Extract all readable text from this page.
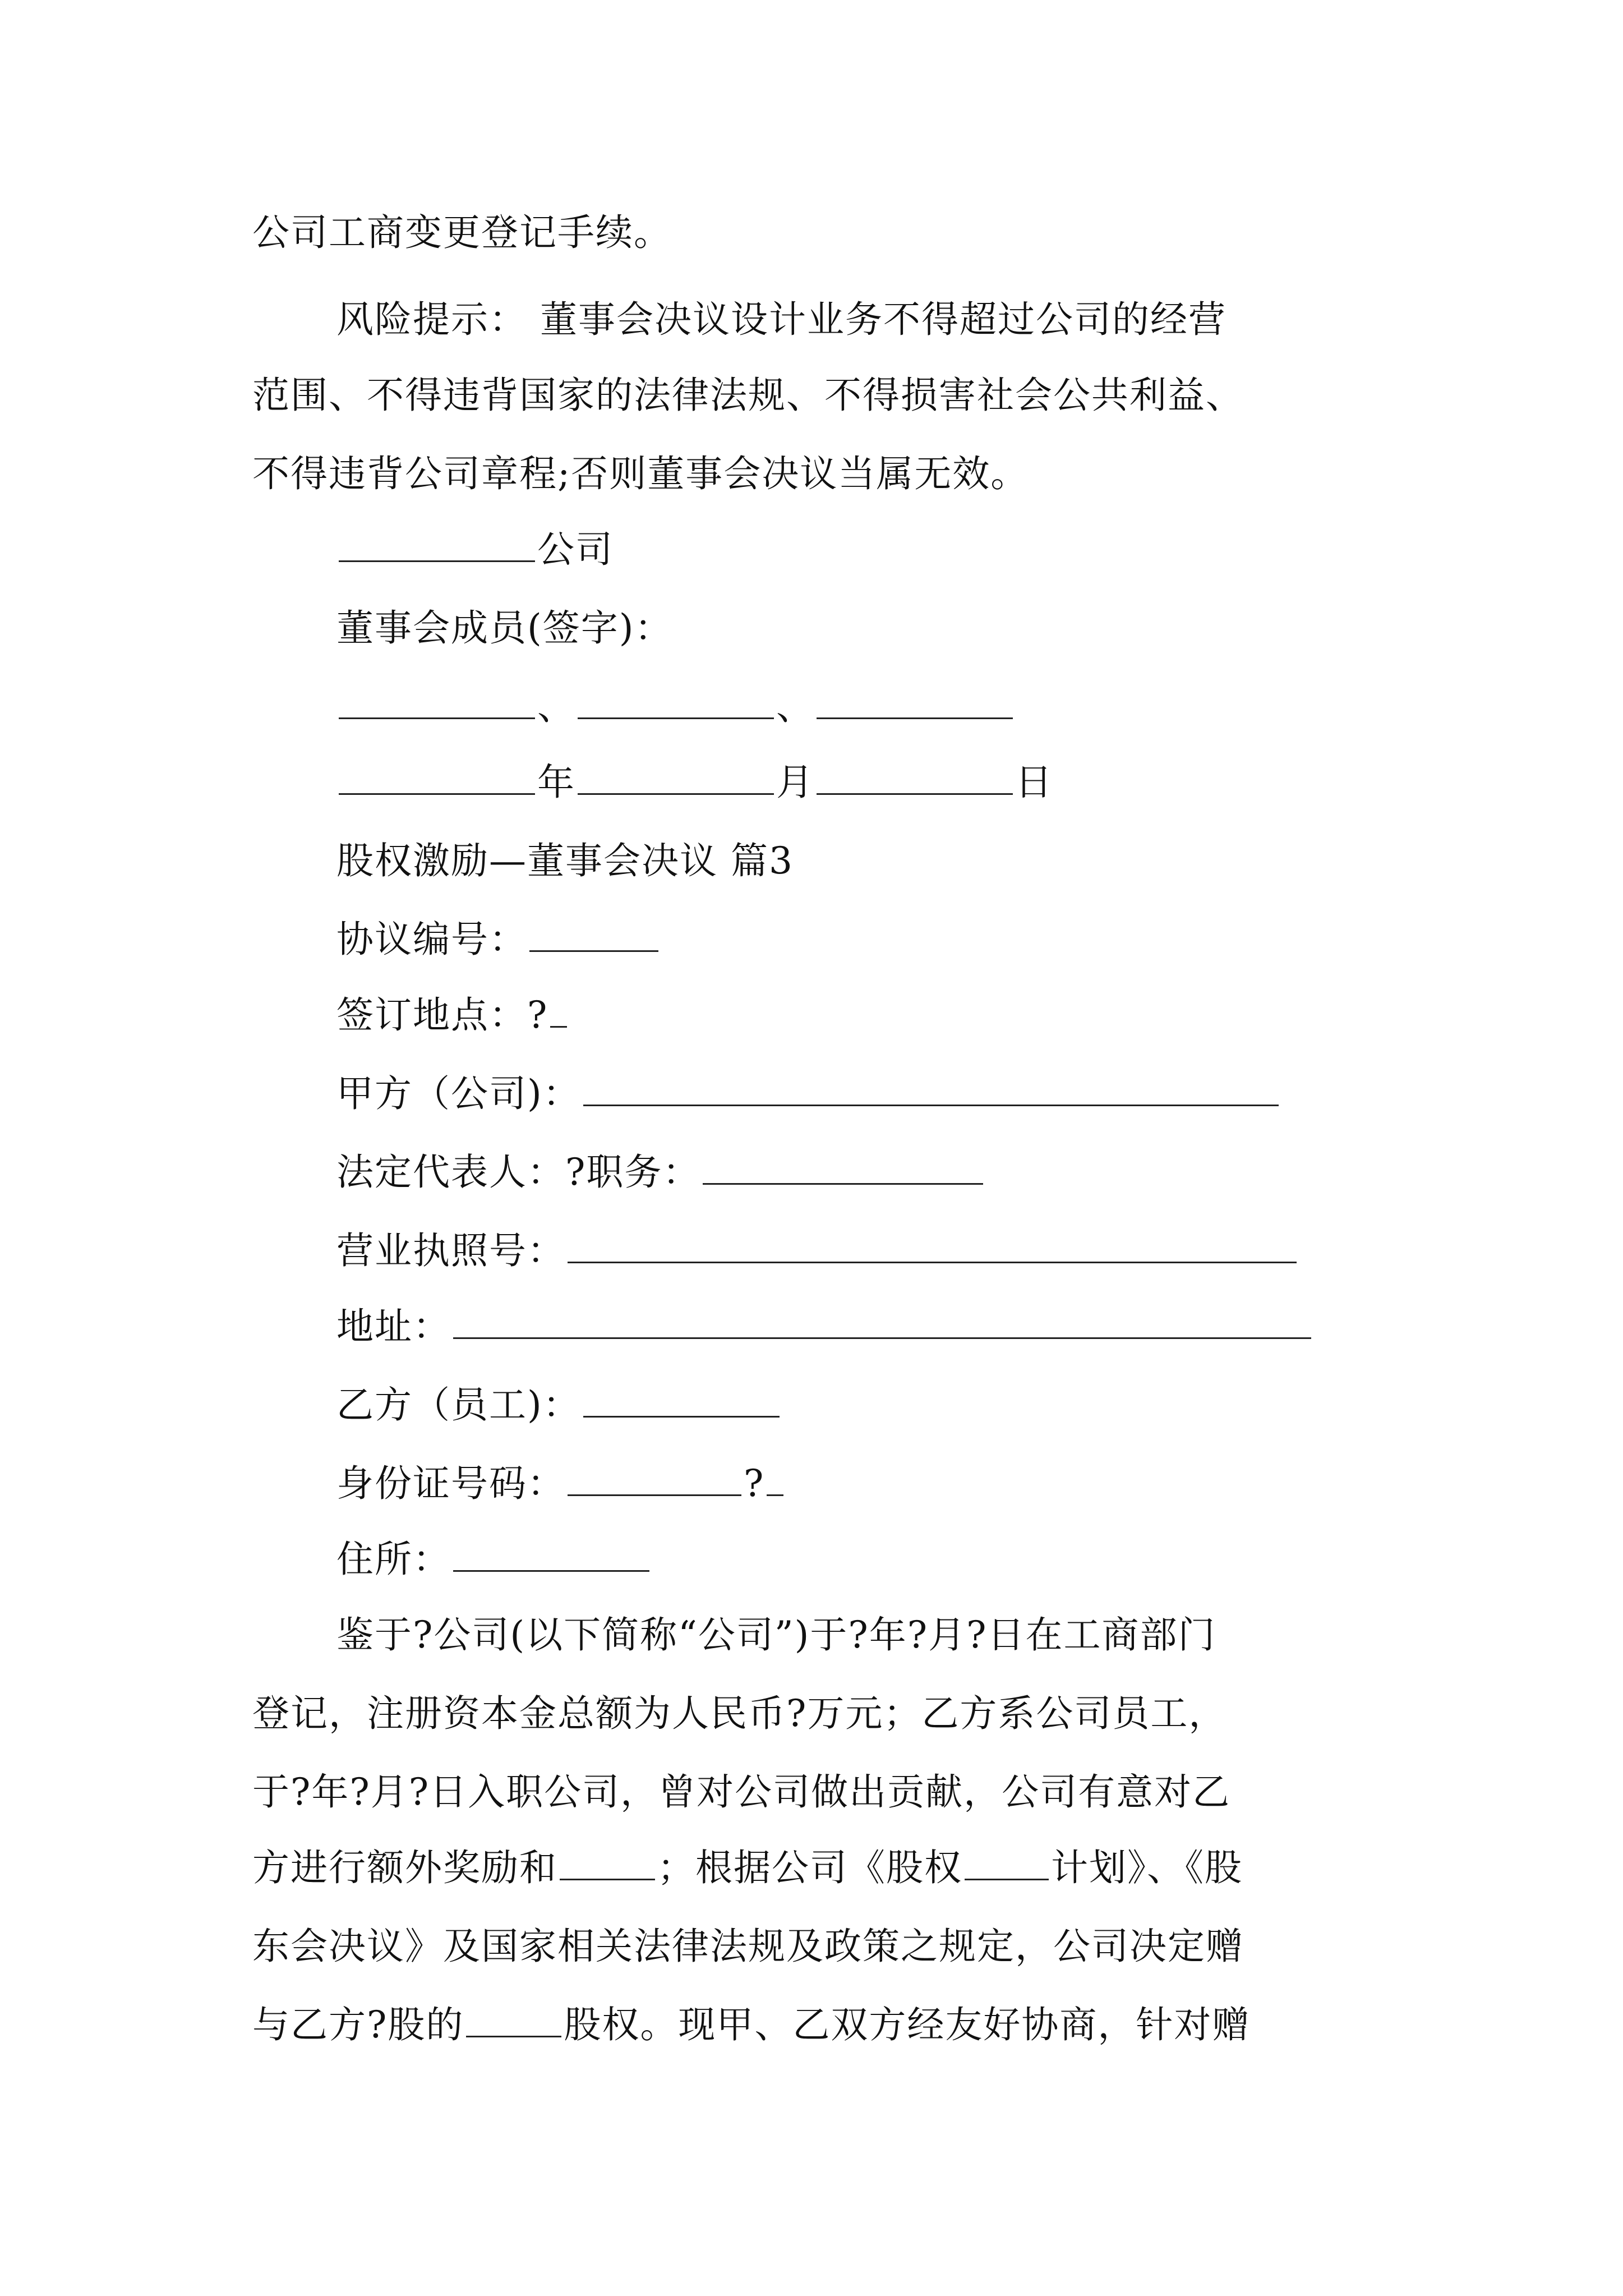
公司工商变更登记手续。
风险提示： 董事会决议设计业务不得超过公司的经营
范围、不得违背国家的法律法规、不得损害社会公共利益、
不得违背公司章程;否则董事会决议当属无效。
公司
董事会成员(签字)：
、	、
年	月	日
股权激励—董事会决议 篇3
协议编号：
签订地点：?
甲方（公司)：
法定代表人：?职务：
营业执照号：
地址：
乙方（员工)：
身份证号码：	?
住所：
鉴于?公司(以下简称“公司”)于?年?月?日在工商部门
登记，注册资本金总额为人民币?万元；乙方系公司员工，
于?年?月?日入职公司，曾对公司做出贡献，公司有意对乙
方进行额外奖励和	；根据公司《股权 计划》、《股
东会决议》及国家相关法律法规及政策之规定，公司决定赠
与乙方?股的	股权。现甲、乙双方经友好协商，针对赠
